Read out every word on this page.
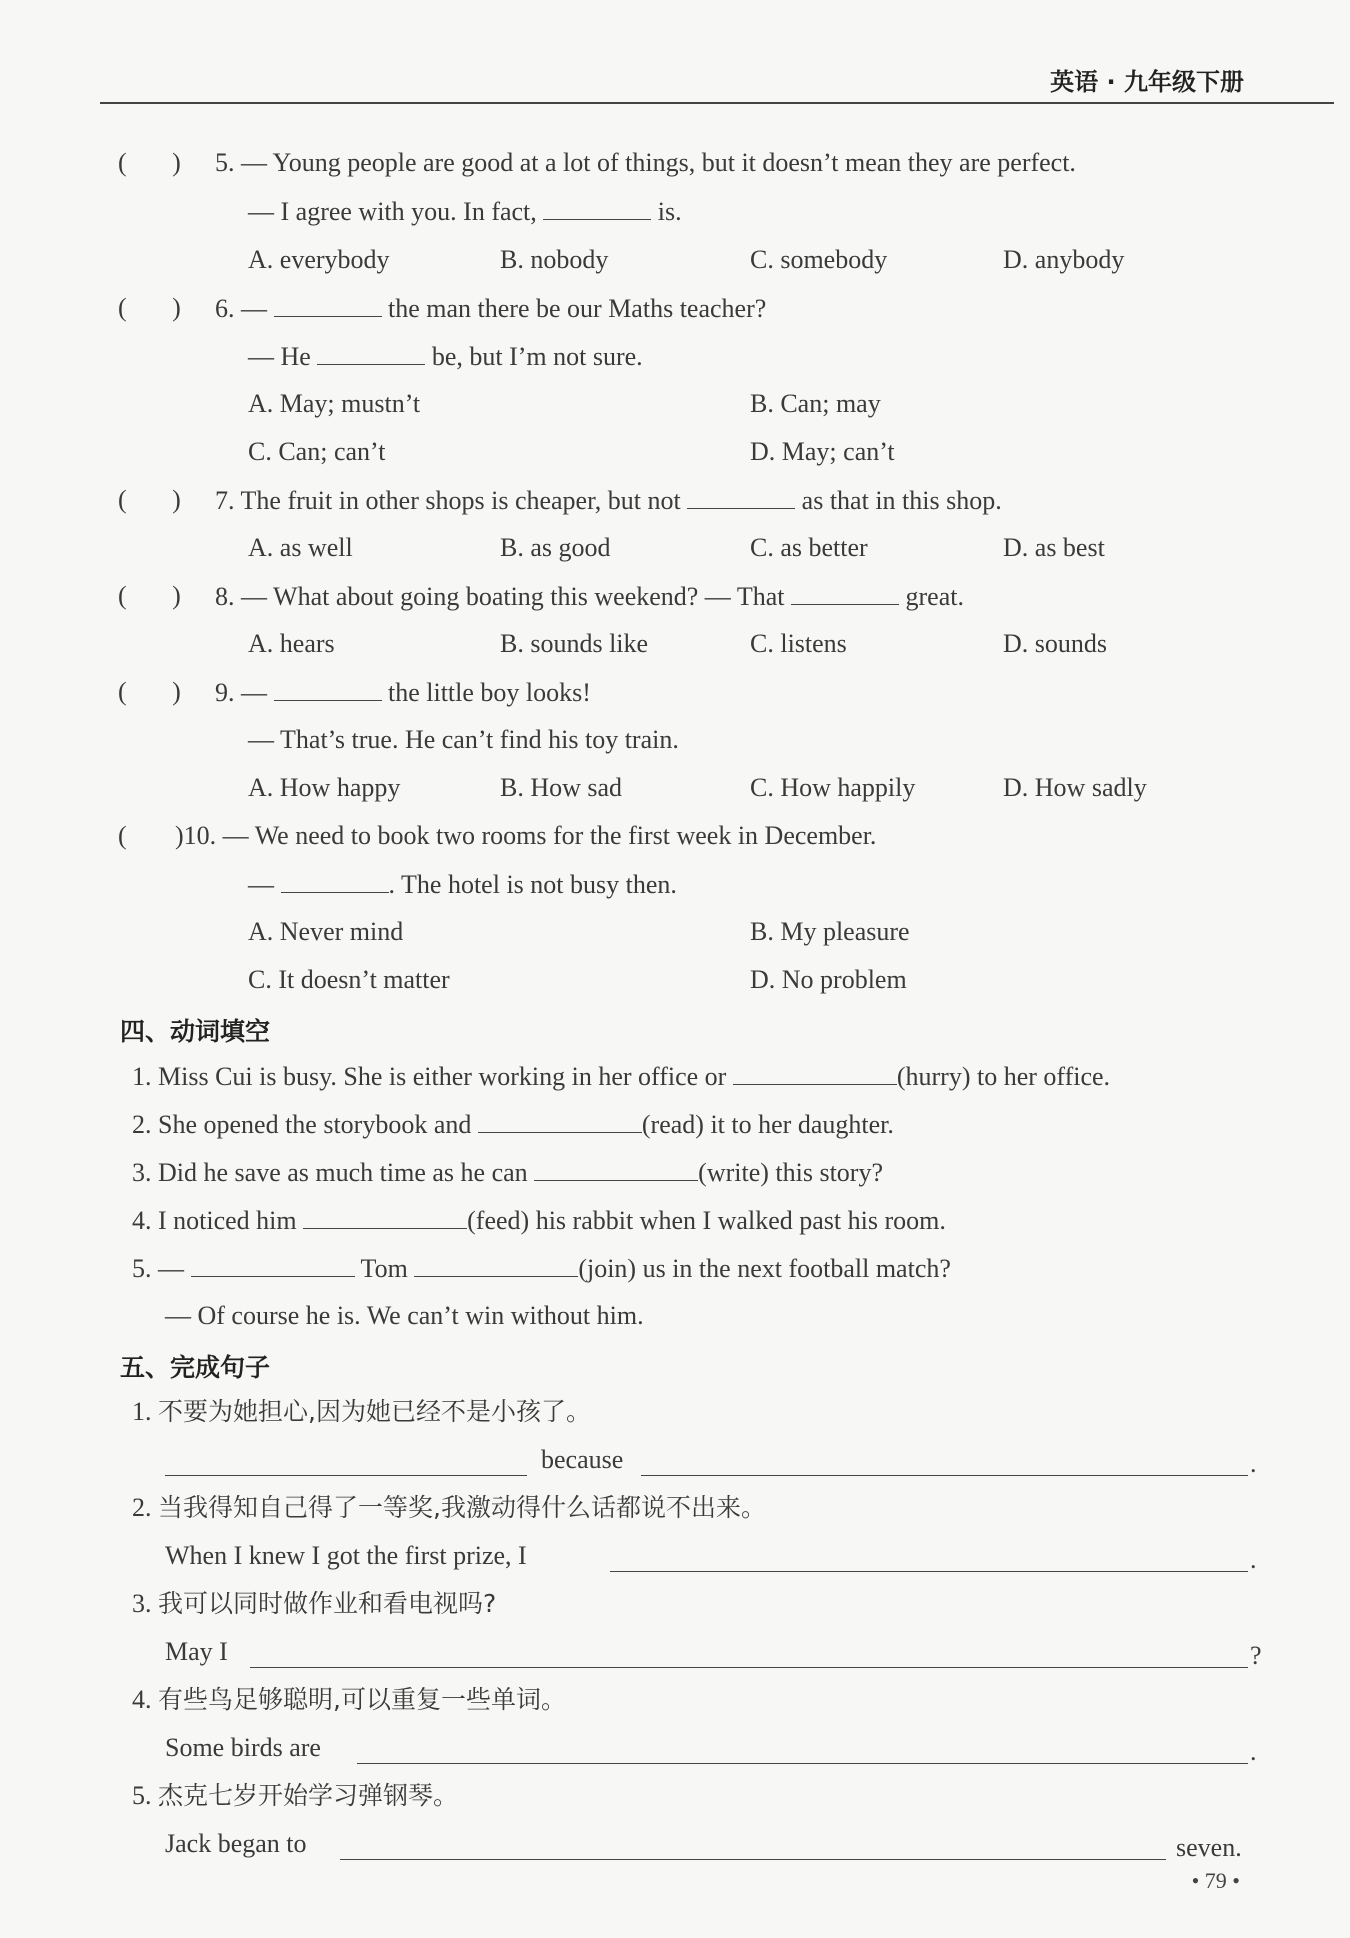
英语 · 九年级下册
(       ) 5. — Young people are good at a lot of things, but it doesn’t mean they are perfect.
— I agree with you. In fact,	is.
A. everybody	B. nobody	C. somebody	D. anybody
(       ) 6. —	the man there be our Maths teacher?
— He	be, but I’m not sure.
A. May; mustn’t	B. Can; may
C. Can; can’t	D. May; can’t
(       ) 7. The fruit in other shops is cheaper, but not	as that in this shop.
A. as well	B. as good	C. as better	D. as best
(       ) 8. — What about going boating this weekend? — That	great.
A. hears	B. sounds like	C. listens	D. sounds
(       ) 9. —	the little boy looks!
— That’s true. He can’t find his toy train.
A. How happy	B. How sad	C. How happily	D. How sadly
( )10. — We need to book two rooms for the first week in December.
—	. The hotel is not busy then.
A. Never mind	B. My pleasure
C. It doesn’t matter	D. No problem
四、动词填空
1. Miss Cui is busy. She is either working in her office or	(hurry) to her office.
2. She opened the storybook and	(read) it to her daughter.
3. Did he save as much time as he can	(write) this story?
4. I noticed him	(feed) his rabbit when I walked past his room.
5. —	Tom	(join) us in the next football match?
— Of course he is. We can’t win without him.
五、完成句子
1. 不要为她担心,因为她已经不是小孩了。
because	.
2. 当我得知自己得了一等奖,我激动得什么话都说不出来。
When I knew I got the first prize, I	.
3. 我可以同时做作业和看电视吗?
May I	?
4. 有些鸟足够聪明,可以重复一些单词。
Some birds are	.
5. 杰克七岁开始学习弹钢琴。
Jack began to	seven.
• 79 •
